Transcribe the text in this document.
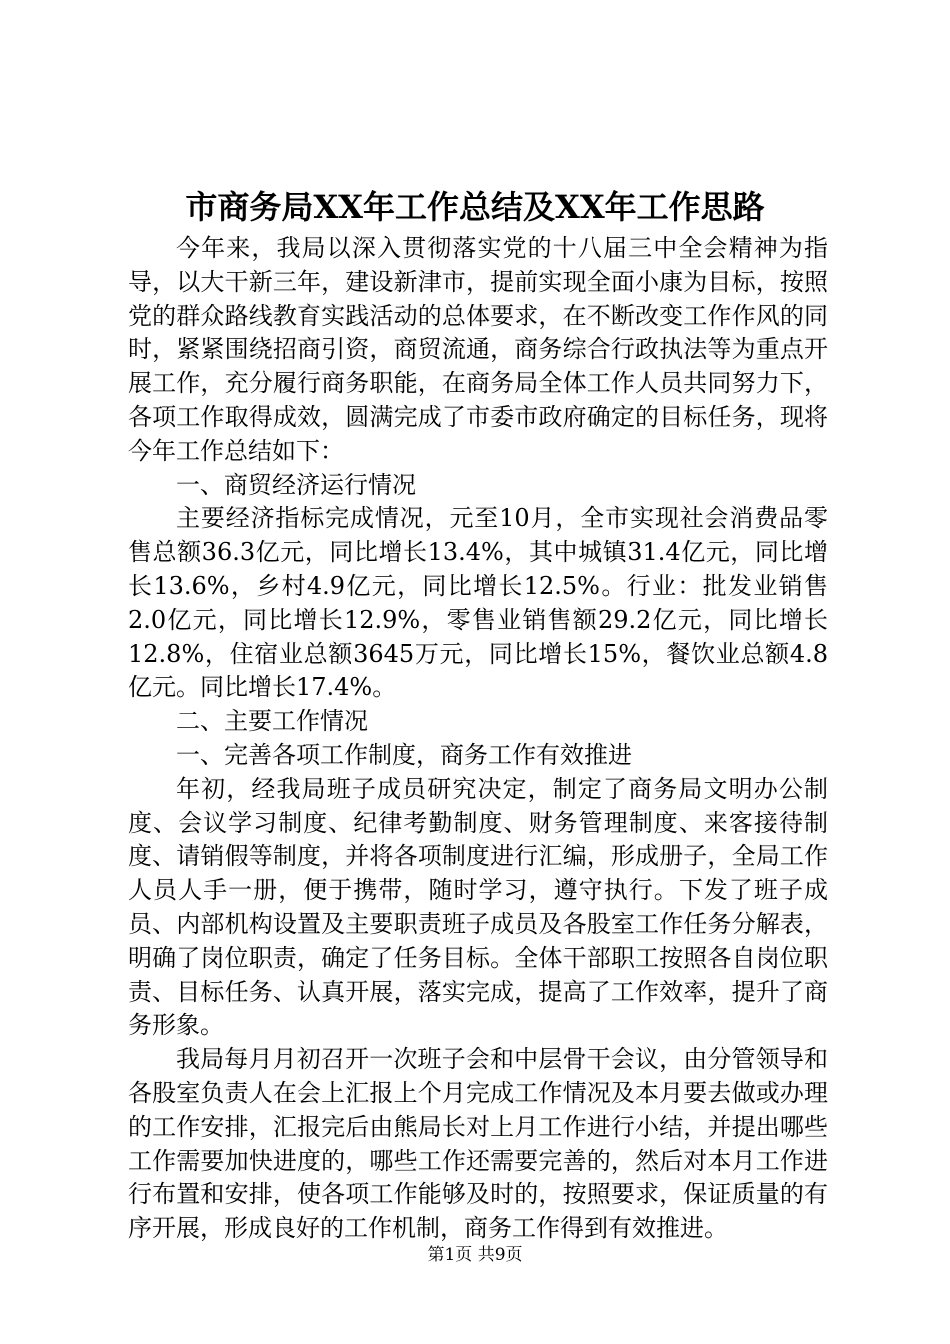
市商务局XX年工作总结及XX年工作思路

今年来，我局以深入贯彻落实党的十八届三中全会精神为指导，以大干新三年，建设新津市，提前实现全面小康为目标，按照党的群众路线教育实践活动的总体要求，在不断改变工作作风的同时，紧紧围绕招商引资，商贸流通，商务综合行政执法等为重点开展工作，充分履行商务职能，在商务局全体工作人员共同努力下，各项工作取得成效，圆满完成了市委市政府确定的目标任务，现将今年工作总结如下：

一、商贸经济运行情况

主要经济指标完成情况，元至10月，全市实现社会消费品零售总额36.3亿元，同比增长13.4%，其中城镇31.4亿元，同比增长13.6%，乡村4.9亿元，同比增长12.5%。行业：批发业销售2.0亿元，同比增长12.9%，零售业销售额29.2亿元，同比增长12.8%，住宿业总额3645万元，同比增长15%，餐饮业总额4.8亿元。同比增长17.4%。

二、主要工作情况

一、完善各项工作制度，商务工作有效推进

年初，经我局班子成员研究决定，制定了商务局文明办公制度、会议学习制度、纪律考勤制度、财务管理制度、来客接待制度、请销假等制度，并将各项制度进行汇编，形成册子，全局工作人员人手一册，便于携带，随时学习，遵守执行。下发了班子成员、内部机构设置及主要职责班子成员及各股室工作任务分解表，明确了岗位职责，确定了任务目标。全体干部职工按照各自岗位职责、目标任务、认真开展，落实完成，提高了工作效率，提升了商务形象。

我局每月月初召开一次班子会和中层骨干会议，由分管领导和各股室负责人在会上汇报上个月完成工作情况及本月要去做或办理的工作安排，汇报完后由熊局长对上月工作进行小结，并提出哪些工作需要加快进度的，哪些工作还需要完善的，然后对本月工作进行布置和安排，使各项工作能够及时的，按照要求，保证质量的有序开展，形成良好的工作机制，商务工作得到有效推进。

第1页 共9页
